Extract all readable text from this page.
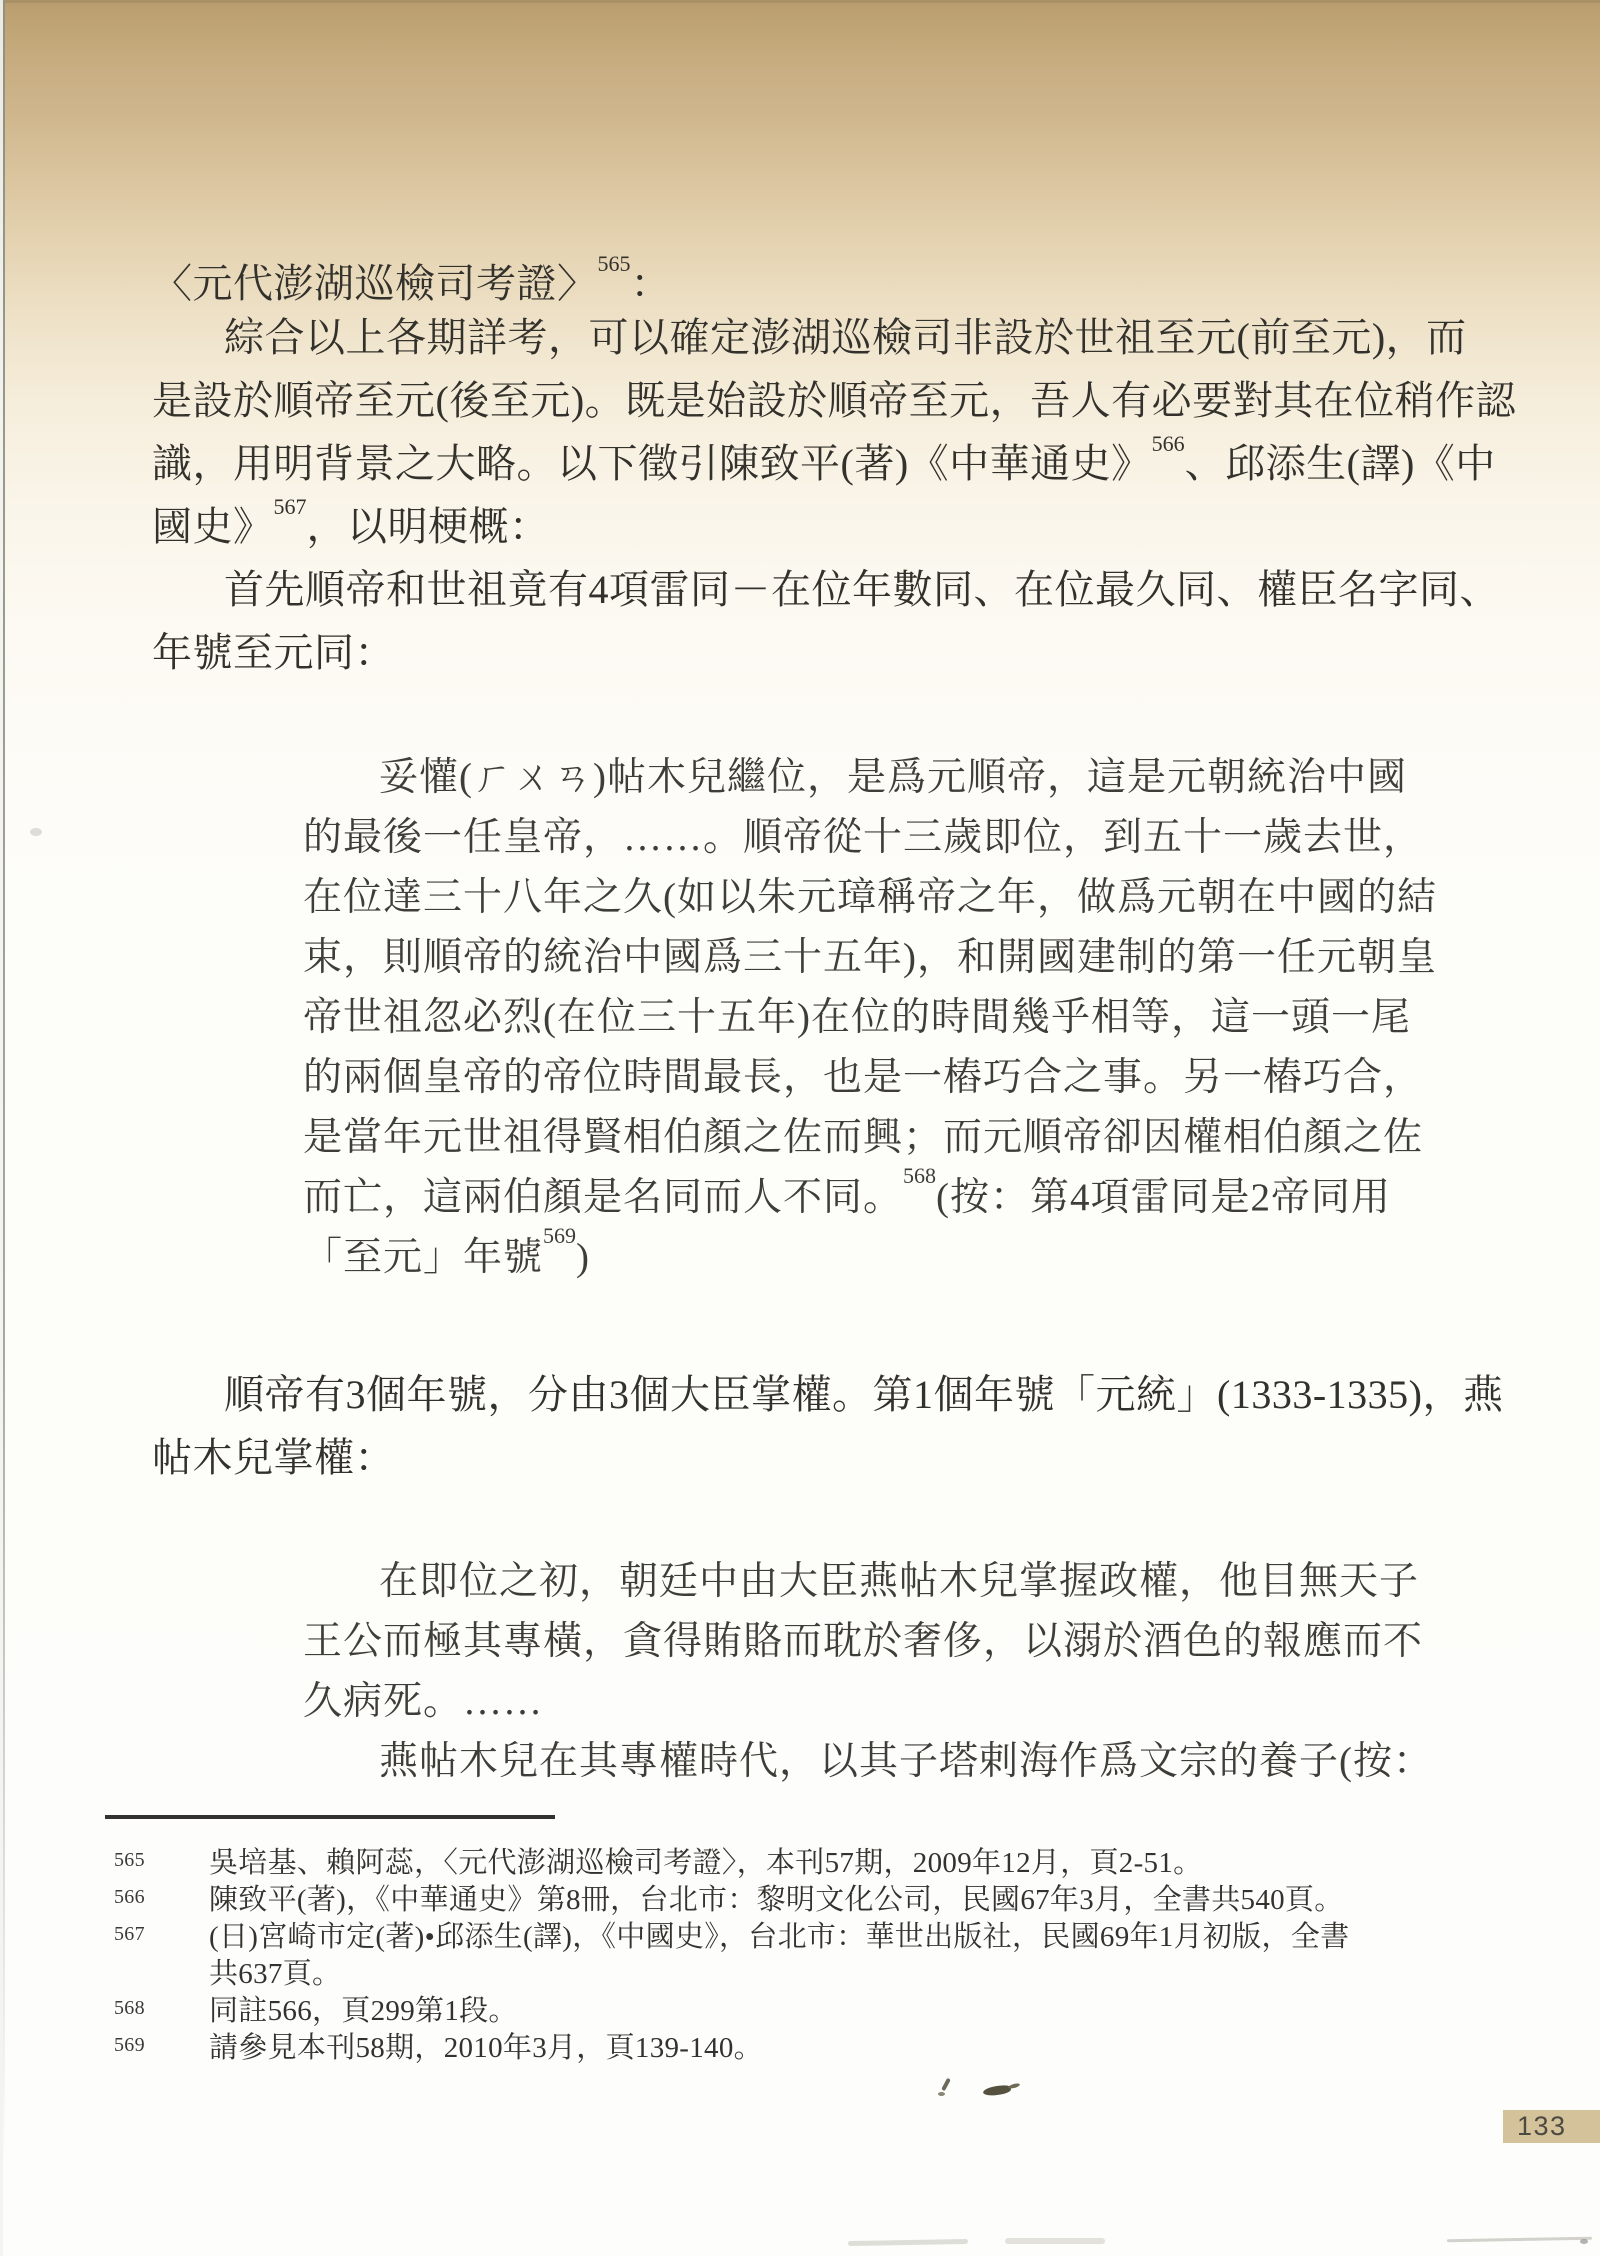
〈元代澎湖巡檢司考證〉$^{565}$：
綜合以上各期詳考，可以確定澎湖巡檢司非設於世祖至元(前至元)，而
是設於順帝至元(後至元)。既是始設於順帝至元，吾人有必要對其在位稍作認
識，用明背景之大略。以下徵引陳致平(著)《中華通史》$^{566}$、邱添生(譯)《中
國史》$^{567}$，以明梗概：
首先順帝和世祖竟有4項雷同－在位年數同、在位最久同、權臣名字同、
年號至元同：
妥懽(ㄏㄨㄢ)帖木兒繼位，是爲元順帝，這是元朝統治中國
的最後一任皇帝，……。順帝從十三歲即位，到五十一歲去世，
在位達三十八年之久(如以朱元璋稱帝之年，做爲元朝在中國的結
束，則順帝的統治中國爲三十五年)，和開國建制的第一任元朝皇
帝世祖忽必烈(在位三十五年)在位的時間幾乎相等，這一頭一尾
的兩個皇帝的帝位時間最長，也是一樁巧合之事。另一樁巧合，
是當年元世祖得賢相伯顏之佐而興；而元順帝卻因權相伯顏之佐
而亡，這兩伯顏是名同而人不同。$^{568}$(按：第4項雷同是2帝同用
「至元」年號$^{569}$)
順帝有3個年號，分由3個大臣掌權。第1個年號「元統」(1333-1335)，燕
帖木兒掌權：
在即位之初，朝廷中由大臣燕帖木兒掌握政權，他目無天子
王公而極其專橫，貪得賄賂而耽於奢侈，以溺於酒色的報應而不
久病死。……
燕帖木兒在其專權時代，以其子塔剌海作爲文宗的養子(按：
565 吳培基、賴阿蕊，〈元代澎湖巡檢司考證〉，本刊57期，2009年12月，頁2-51。
566 陳致平(著)，《中華通史》第8冊，台北市：黎明文化公司，民國67年3月，全書共540頁。
567 (日)宮崎市定(著)•邱添生(譯)，《中國史》，台北市：華世出版社，民國69年1月初版，全書
共637頁。
568 同註566，頁299第1段。
569 請參見本刊58期，2010年3月，頁139-140。
133
